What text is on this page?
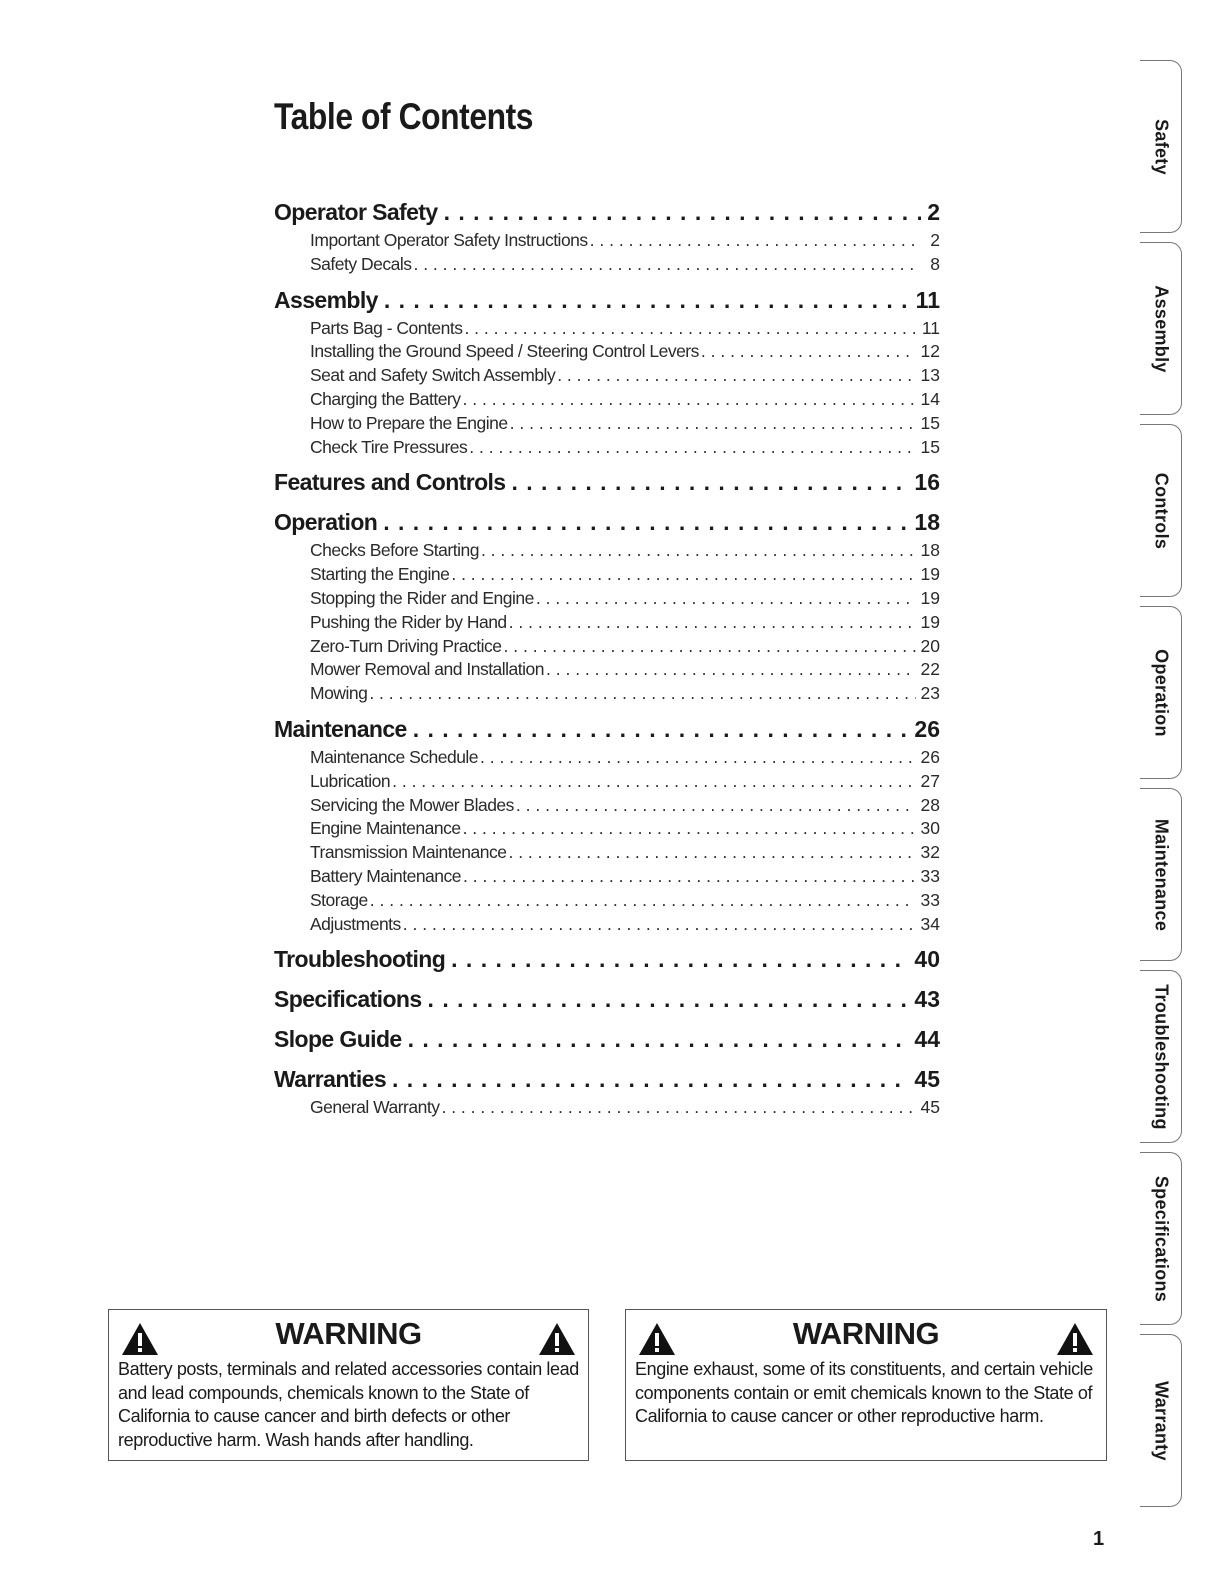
Table of Contents
Operator Safety . . .	2
Important Operator Safety Instructions . . .	2
Safety Decals . . .	8
Assembly . . .	11
Parts Bag - Contents . . .	11
Installing the Ground Speed / Steering Control Levers . . .	12
Seat and Safety Switch Assembly . . .	13
Charging the Battery . . .	14
How to Prepare the Engine . . .	15
Check Tire Pressures . . .	15
Features and Controls . . .	16
Operation . . .	18
Checks Before Starting . . .	18
Starting the Engine . . .	19
Stopping the Rider and Engine . . .	19
Pushing the Rider by Hand . . .	19
Zero-Turn Driving Practice . . .	20
Mower Removal and Installation . . .	22
Mowing . . .	23
Maintenance . . .	26
Maintenance Schedule . . .	26
Lubrication . . .	27
Servicing the Mower Blades . . .	28
Engine Maintenance . . .	30
Transmission Maintenance . . .	32
Battery Maintenance . . .	33
Storage . . .	33
Adjustments . . .	34
Troubleshooting . . .	40
Specifications . . .	43
Slope Guide . . .	44
Warranties . . .	45
General Warranty . . .	45
WARNING
Battery posts, terminals and related accessories contain lead and lead compounds, chemicals known to the State of California to cause cancer and birth defects or other reproductive harm. Wash hands after handling.
WARNING
Engine exhaust, some of its constituents, and certain vehicle components contain or emit chemicals known to the State of California to cause cancer or other reproductive harm.
Safety
Assembly
Controls
Operation
Maintenance
Troubleshooting
Specifications
Warranty
1
